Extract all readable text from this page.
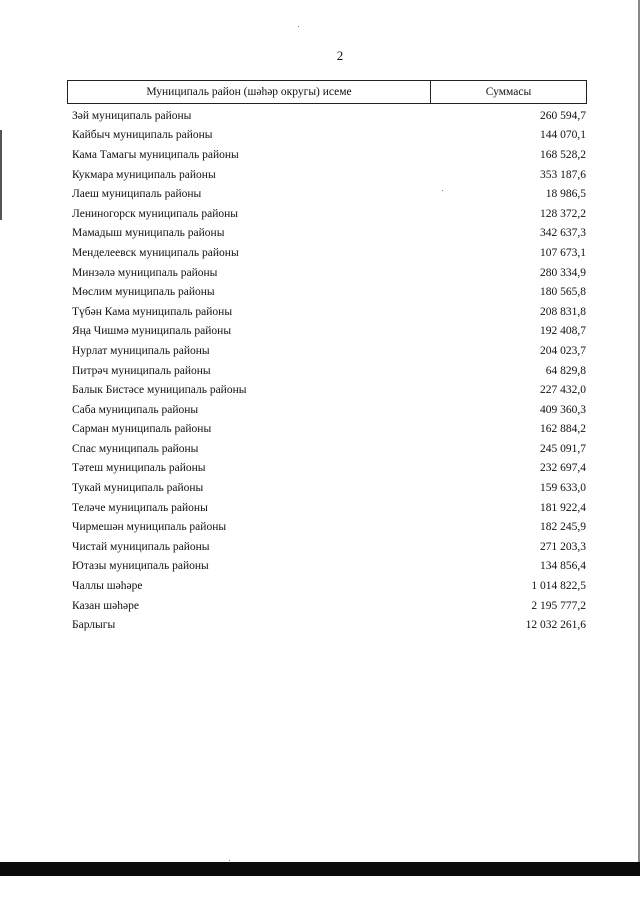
2
Муниципаль район (шәһәр округы) исеме	Суммасы
Зәй муниципаль районы	260 594,7
Кайбыч муниципаль районы	144 070,1
Кама Тамагы муниципаль районы	168 528,2
Кукмара муниципаль районы	353 187,6
Лаеш муниципаль районы	18 986,5
Лениногорск муниципаль районы	128 372,2
Мамадыш муниципаль районы	342 637,3
Менделеевск муниципаль районы	107 673,1
Минзәлә муниципаль районы	280 334,9
Мөслим муниципаль районы	180 565,8
Түбән Кама муниципаль районы	208 831,8
Яңа Чишмә муниципаль районы	192 408,7
Нурлат муниципаль районы	204 023,7
Питрәч муниципаль районы	64 829,8
Балык Бистәсе муниципаль районы	227 432,0
Саба муниципаль районы	409 360,3
Сарман муниципаль районы	162 884,2
Спас муниципаль районы	245 091,7
Тәтеш муниципаль районы	232 697,4
Тукай муниципаль районы	159 633,0
Теләче муниципаль районы	181 922,4
Чирмешән муниципаль районы	182 245,9
Чистай муниципаль районы	271 203,3
Ютазы муниципаль районы	134 856,4
Чаллы шәһәре	1 014 822,5
Казан шәһәре	2 195 777,2
Барлыгы	12 032 261,6
